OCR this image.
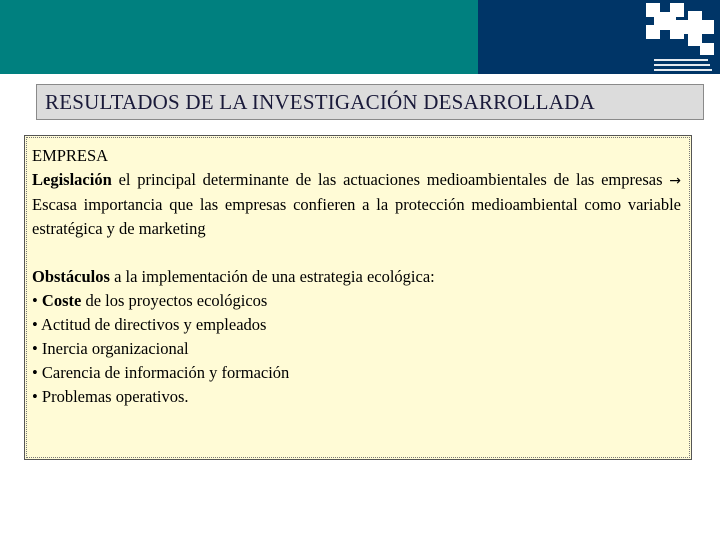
RESULTADOS DE LA INVESTIGACIÓN DESARROLLADA
EMPRESA
Legislación el principal determinante de las actuaciones medioambientales de las empresas → Escasa importancia que las empresas confieren a la protección medioambiental como variable estratégica y de marketing
Obstáculos a la implementación de una estrategia ecológica:
• Coste de los proyectos ecológicos
• Actitud de directivos y empleados
• Inercia organizacional
• Carencia de información y formación
• Problemas operativos.
